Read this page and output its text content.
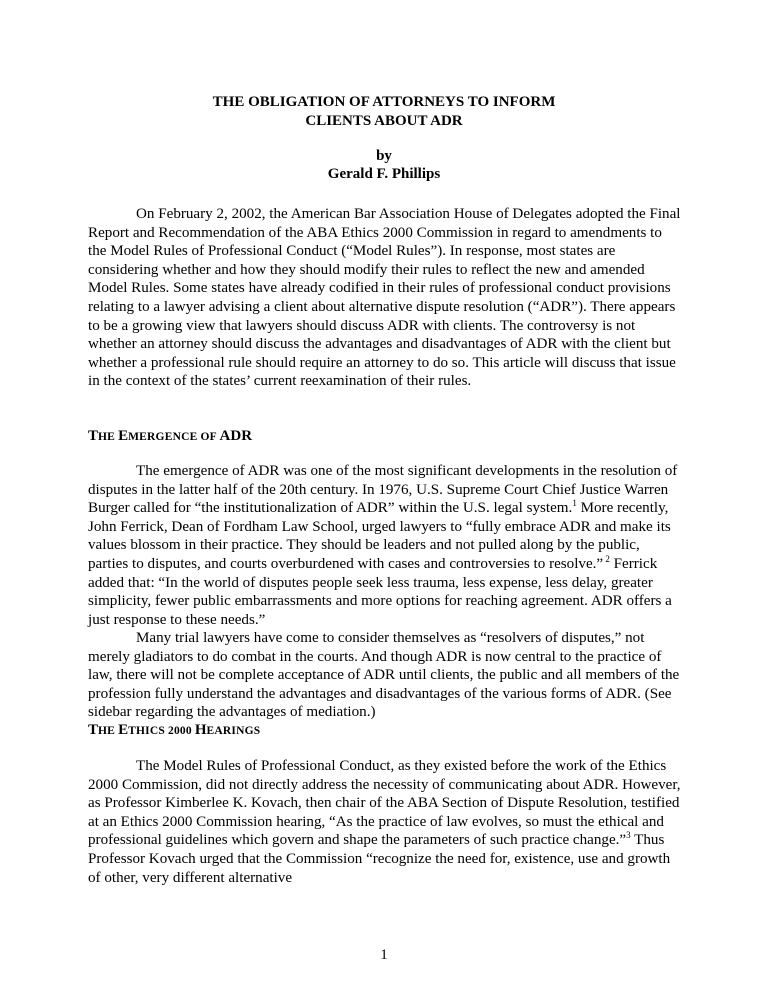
THE OBLIGATION OF ATTORNEYS TO INFORM
CLIENTS ABOUT ADR
by
Gerald F. Phillips

On February 2, 2002, the American Bar Association House of Delegates adopted the Final Report and Recommendation of the ABA Ethics 2000 Commission in regard to amendments to the Model Rules of Professional Conduct (“Model Rules”). In response, most states are considering whether and how they should modify their rules to reflect the new and amended Model Rules. Some states have already codified in their rules of professional conduct provisions relating to a lawyer advising a client about alternative dispute resolution (“ADR”). There appears to be a growing view that lawyers should discuss ADR with clients. The controversy is not whether an attorney should discuss the advantages and disadvantages of ADR with the client but whether a professional rule should require an attorney to do so. This article will discuss that issue in the context of the states’ current reexamination of their rules.

THE EMERGENCE OF ADR

The emergence of ADR was one of the most significant developments in the resolution of disputes in the latter half of the 20th century. In 1976, U.S. Supreme Court Chief Justice Warren Burger called for “the institutionalization of ADR” within the U.S. legal system.$^1$ More recently, John Ferrick, Dean of Fordham Law School, urged lawyers to “fully embrace ADR and make its values blossom in their practice. They should be leaders and not pulled along by the public, parties to disputes, and courts overburdened with cases and controversies to resolve.” $^2$ Ferrick added that: “In the world of disputes people seek less trauma, less expense, less delay, greater simplicity, fewer public embarrassments and more options for reaching agreement. ADR offers a just response to these needs.”

Many trial lawyers have come to consider themselves as “resolvers of disputes,” not merely gladiators to do combat in the courts. And though ADR is now central to the practice of law, there will not be complete acceptance of ADR until clients, the public and all members of the profession fully understand the advantages and disadvantages of the various forms of ADR. (See sidebar regarding the advantages of mediation.)

THE ETHICS 2000 HEARINGS

The Model Rules of Professional Conduct, as they existed before the work of the Ethics 2000 Commission, did not directly address the necessity of communicating about ADR. However, as Professor Kimberlee K. Kovach, then chair of the ABA Section of Dispute Resolution, testified at an Ethics 2000 Commission hearing, “As the practice of law evolves, so must the ethical and professional guidelines which govern and shape the parameters of such practice change.”$^3$ Thus Professor Kovach urged that the Commission “recognize the need for, existence, use and growth of other, very different alternative

1
